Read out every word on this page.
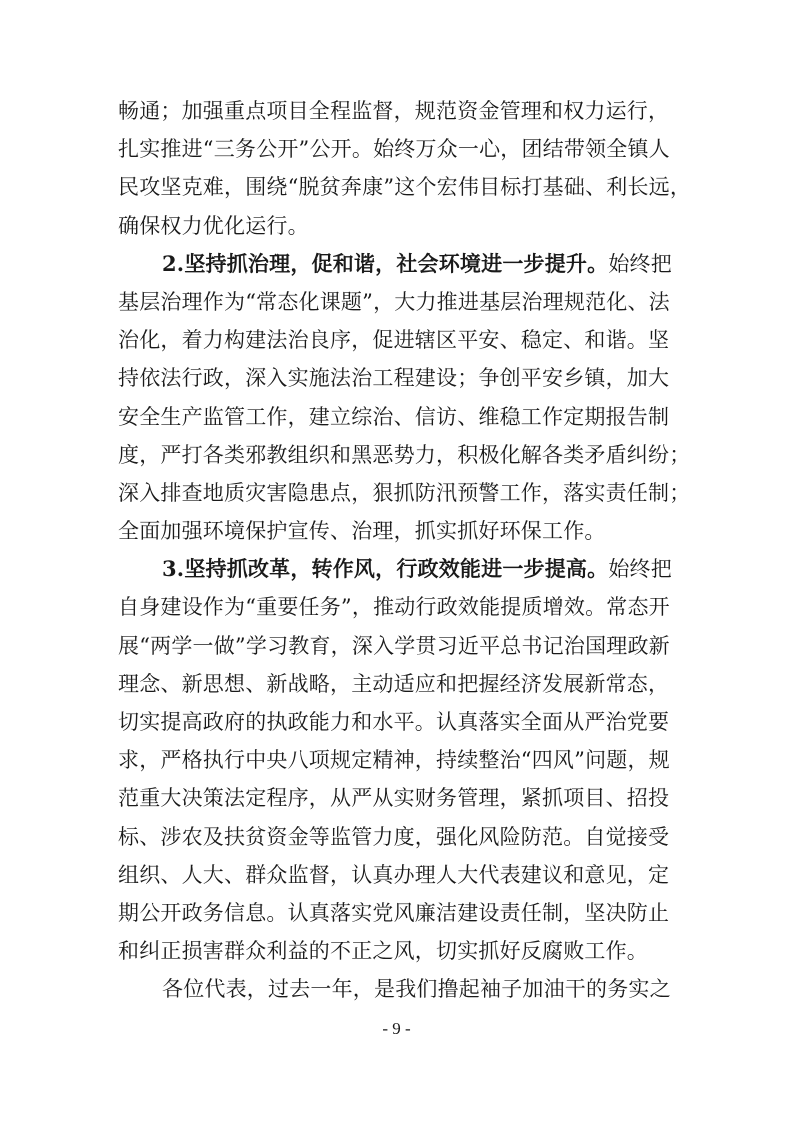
畅通；加强重点项目全程监督，规范资金管理和权力运行，
扎实推进“三务公开”公开。始终万众一心，团结带领全镇人
民攻坚克难，围绕“脱贫奔康”这个宏伟目标打基础、利长远，
确保权力优化运行。
2.坚持抓治理，促和谐，社会环境进一步提升。始终把
基层治理作为“常态化课题”，大力推进基层治理规范化、法
治化，着力构建法治良序，促进辖区平安、稳定、和谐。坚
持依法行政，深入实施法治工程建设；争创平安乡镇，加大
安全生产监管工作，建立综治、信访、维稳工作定期报告制
度，严打各类邪教组织和黑恶势力，积极化解各类矛盾纠纷；
深入排查地质灾害隐患点，狠抓防汛预警工作，落实责任制；
全面加强环境保护宣传、治理，抓实抓好环保工作。
3.坚持抓改革，转作风，行政效能进一步提高。始终把
自身建设作为“重要任务”，推动行政效能提质增效。常态开
展“两学一做”学习教育，深入学贯习近平总书记治国理政新
理念、新思想、新战略，主动适应和把握经济发展新常态，
切实提高政府的执政能力和水平。认真落实全面从严治党要
求，严格执行中央八项规定精神，持续整治“四风”问题，规
范重大决策法定程序，从严从实财务管理，紧抓项目、招投
标、涉农及扶贫资金等监管力度，强化风险防范。自觉接受
组织、人大、群众监督，认真办理人大代表建议和意见，定
期公开政务信息。认真落实党风廉洁建设责任制，坚决防止
和纠正损害群众利益的不正之风，切实抓好反腐败工作。
各位代表，过去一年，是我们撸起袖子加油干的务实之
- 9 -
